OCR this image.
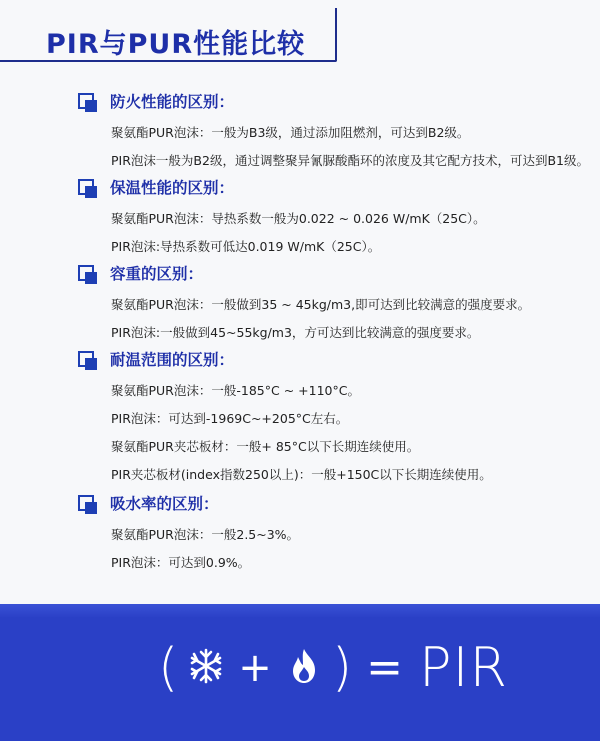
PIR与PUR性能比较
防火性能的区别：
聚氨酯PUR泡沫：一般为B3级，通过添加阻燃剂，可达到B2级。
PIR泡沫一般为B2级，通过调整聚异氰脲酸酯环的浓度及其它配方技术，可达到B1级。
保温性能的区别：
聚氨酯PUR泡沫：导热系数一般为0.022 ~ 0.026 W/mK（25C）。
PIR泡沫:导热系数可低达0.019 W/mK（25C）。
容重的区别：
聚氨酯PUR泡沫：一般做到35 ~ 45kg/m3,即可达到比较满意的强度要求。
PIR泡沫:一般做到45~55kg/m3，方可达到比较满意的强度要求。
耐温范围的区别：
聚氨酯PUR泡沫：一般-185°C ~ +110°C。
PIR泡沫：可达到-1969C~+205°C左右。
聚氨酯PUR夹芯板材：一般+ 85°C以下长期连续使用。
PIR夹芯板材(index指数250以上)：一般+150C以下长期连续使用。
吸水率的区别：
聚氨酯PUR泡沫：一般2.5~3%。
PIR泡沫：可达到0.9%。
( + ) = PIR
